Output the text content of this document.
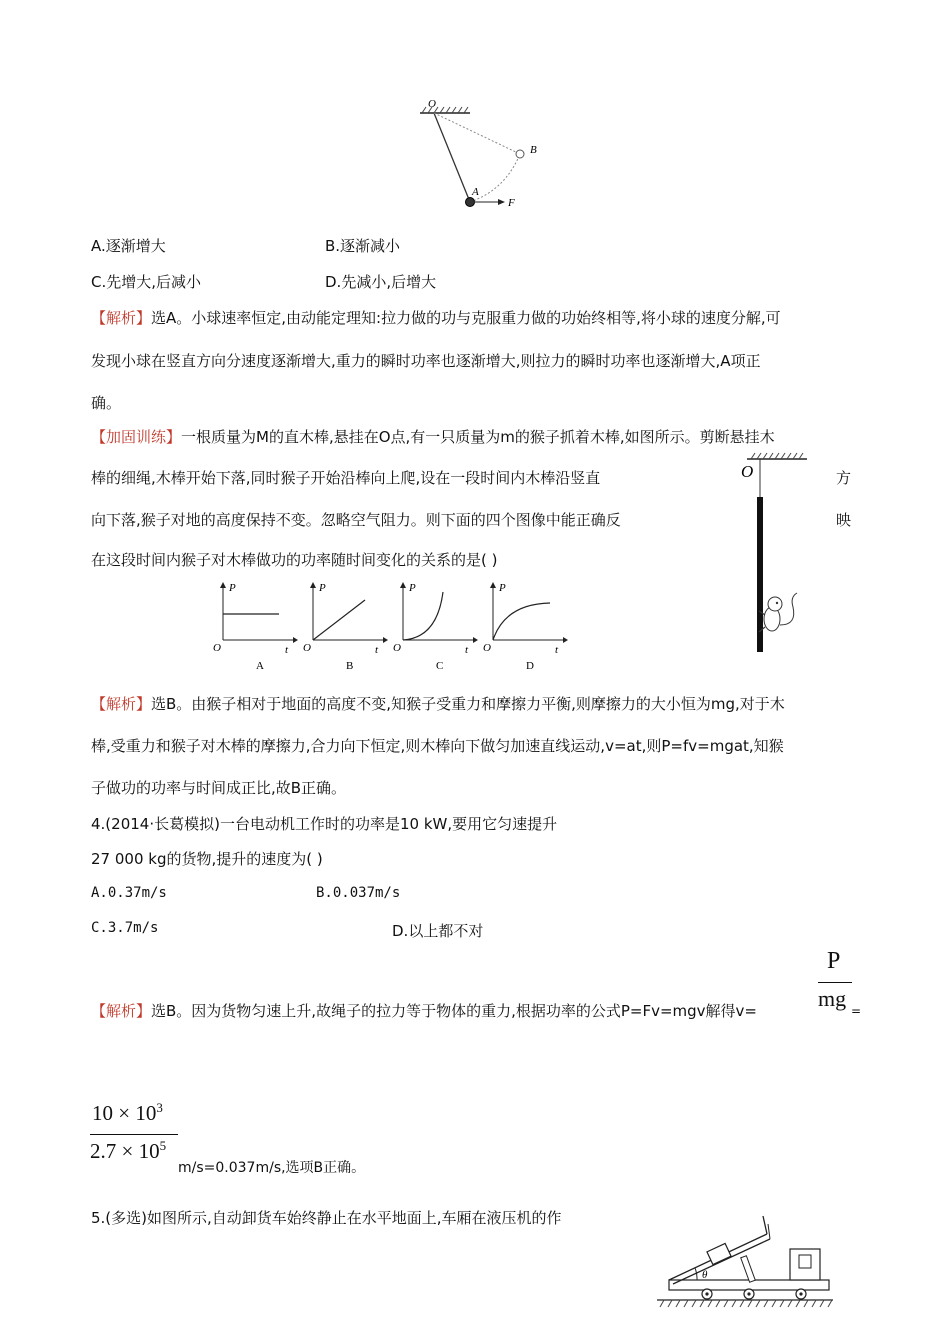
O
B
A
F
A.逐渐增大	B.逐渐减小
C.先增大,后减小	D.先减小,后增大
【解析】选A。小球速率恒定,由动能定理知:拉力做的功与克服重力做的功始终相等,将小球的速度分解,可
发现小球在竖直方向分速度逐渐增大,重力的瞬时功率也逐渐增大,则拉力的瞬时功率也逐渐增大,A项正
确。
【加固训练】一根质量为M的直木棒,悬挂在O点,有一只质量为m的猴子抓着木棒,如图所示。剪断悬挂木
棒的细绳,木棒开始下落,同时猴子开始沿棒向上爬,设在一段时间内木棒沿竖直	方
向下落,猴子对地的高度保持不变。忽略空气阻力。则下面的四个图像中能正确反	映
在这段时间内猴子对木棒做功的功率随时间变化的关系的是( )
O
P
O	t
A
P
O	t
B
P
O	t
C
P
O	t
D
【解析】选B。由猴子相对于地面的高度不变,知猴子受重力和摩擦力平衡,则摩擦力的大小恒为mg,对于木
棒,受重力和猴子对木棒的摩擦力,合力向下恒定,则木棒向下做匀加速直线运动,v=at,则P=fv=mgat,知猴
子做功的功率与时间成正比,故B正确。
4.(2014·长葛模拟)一台电动机工作时的功率是10 kW,要用它匀速提升
27 000 kg的货物,提升的速度为( )
A.0.37m/s	B.0.037m/s
C.3.7m/s	D.以上都不对
P
mg =
【解析】选B。因为货物匀速上升,故绳子的拉力等于物体的重力,根据功率的公式P=Fv=mgv解得v=
$10 \times 10^3$
$2.7 \times 10^5$
m/s=0.037m/s,选项B正确。
5.(多选)如图所示,自动卸货车始终静止在水平地面上,车厢在液压机的作
θ
